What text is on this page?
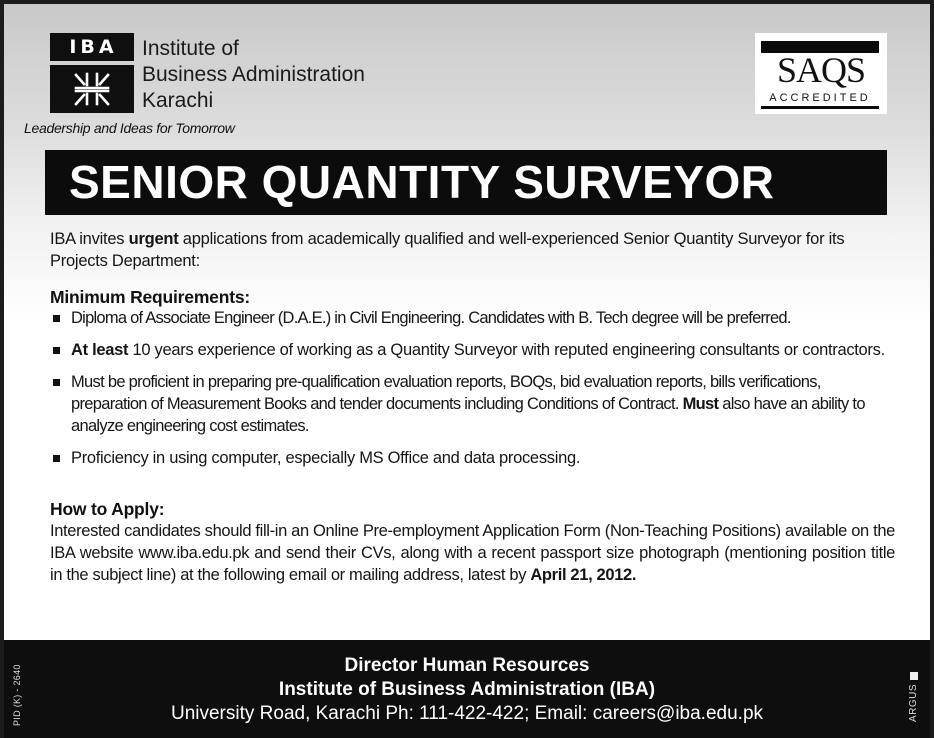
IBA	Institute of
Business Administration
Karachi
Leadership and Ideas for Tomorrow
SAQS
ACCREDITED
SENIOR QUANTITY SURVEYOR

IBA invites urgent applications from academically qualified and well-experienced Senior Quantity Surveyor for its Projects Department:

Minimum Requirements:
Diploma of Associate Engineer (D.A.E.) in Civil Engineering. Candidates with B. Tech degree will be preferred.
At least 10 years experience of working as a Quantity Surveyor with reputed engineering consultants or contractors.
Must be proficient in preparing pre-qualification evaluation reports, BOQs, bid evaluation reports, bills verifications, preparation of Measurement Books and tender documents including Conditions of Contract. Must also have an ability to analyze engineering cost estimates.
Proficiency in using computer, especially MS Office and data processing.
How to Apply:

Interested candidates should fill-in an Online Pre-employment Application Form (Non-Teaching Positions) available on the IBA website www.iba.edu.pk and send their CVs, along with a recent passport size photograph (mentioning position title in the subject line) at the following email or mailing address, latest by April 21, 2012.

Director Human Resources
Institute of Business Administration (IBA)
University Road, Karachi Ph: 111-422-422; Email: careers@iba.edu.pk
PID (K) - 2640	ARGUS
